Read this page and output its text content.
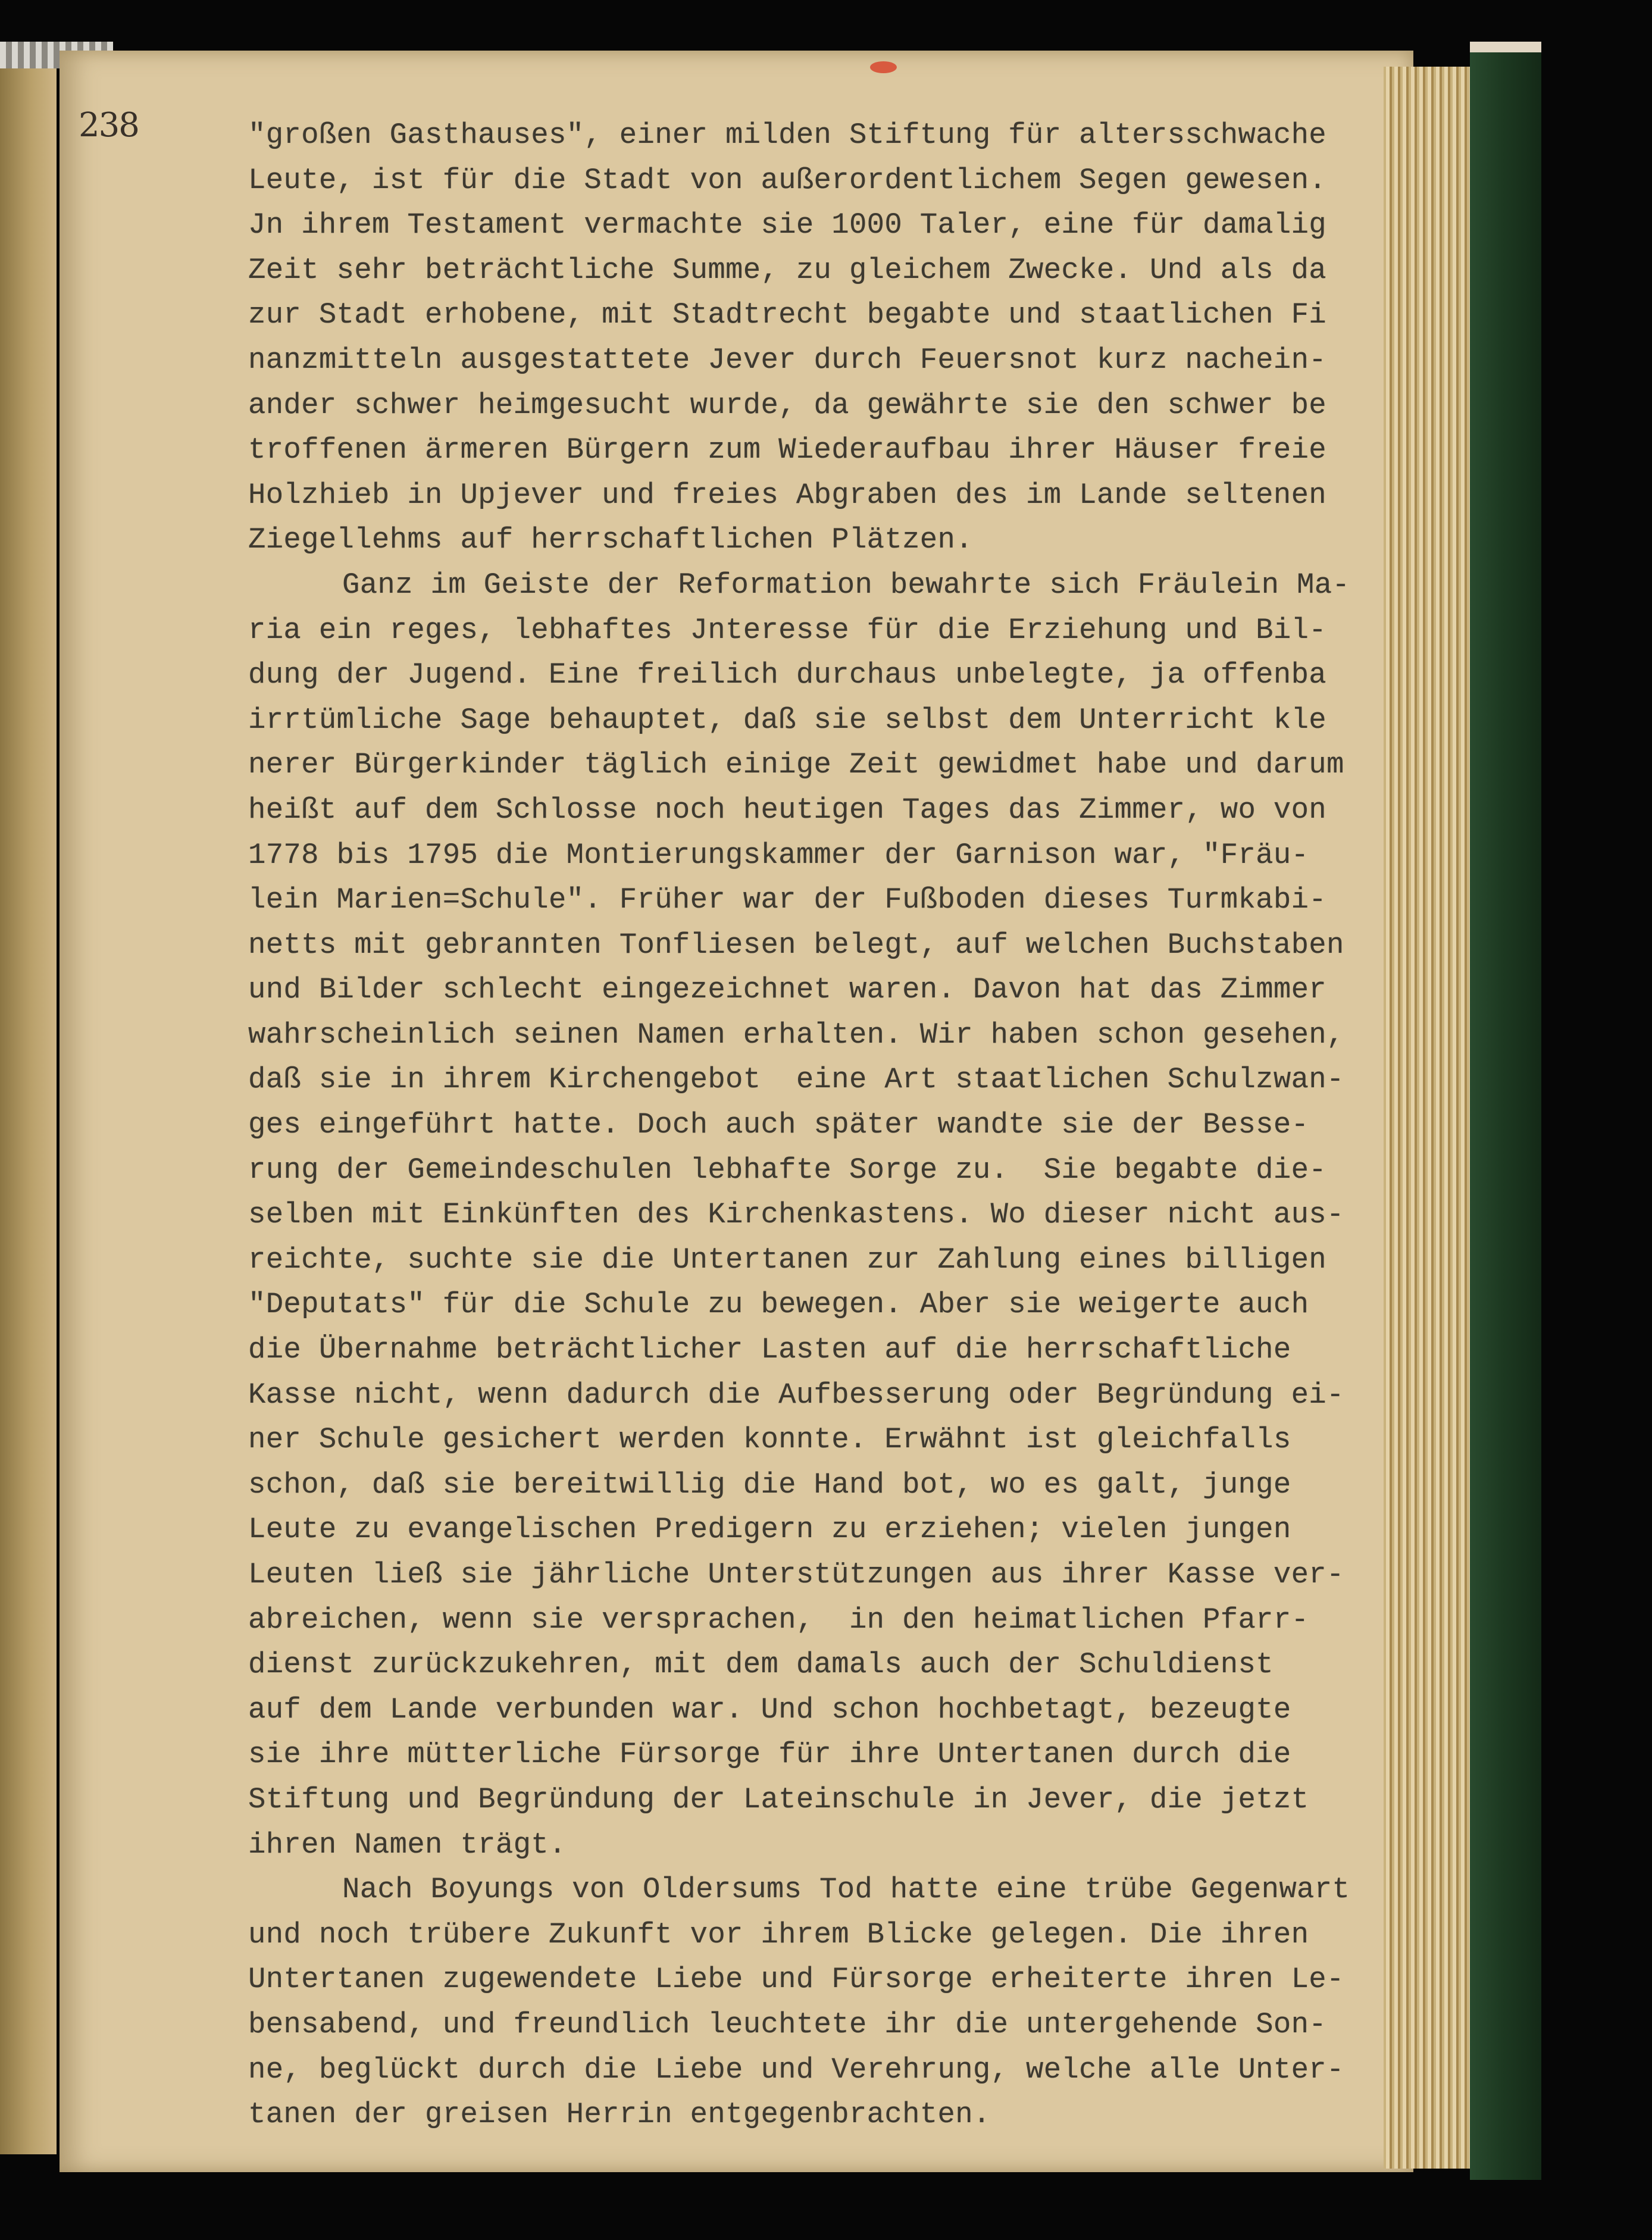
238	"großen Gasthauses", einer milden Stiftung für altersschwache

Leute, ist für die Stadt von außerordentlichem Segen gewesen.

Jn ihrem Testament vermachte sie 1000 Taler, eine für damalig

Zeit sehr beträchtliche Summe, zu gleichem Zwecke. Und als da

zur Stadt erhobene, mit Stadtrecht begabte und staatlichen Fi

nanzmitteln ausgestattete Jever durch Feuersnot kurz nachein-

ander schwer heimgesucht wurde, da gewährte sie den schwer be

troffenen ärmeren Bürgern zum Wiederaufbau ihrer Häuser freie

Holzhieb in Upjever und freies Abgraben des im Lande seltenen

Ziegellehms auf herrschaftlichen Plätzen.

Ganz im Geiste der Reformation bewahrte sich Fräulein Ma-

ria ein reges, lebhaftes Jnteresse für die Erziehung und Bil-

dung der Jugend. Eine freilich durchaus unbelegte, ja offenba

irrtümliche Sage behauptet, daß sie selbst dem Unterricht kle

nerer Bürgerkinder täglich einige Zeit gewidmet habe und darum

heißt auf dem Schlosse noch heutigen Tages das Zimmer, wo von

1778 bis 1795 die Montierungskammer der Garnison war, "Fräu-

lein Marien=Schule". Früher war der Fußboden dieses Turmkabi-

netts mit gebrannten Tonfliesen belegt, auf welchen Buchstaben

und Bilder schlecht eingezeichnet waren. Davon hat das Zimmer

wahrscheinlich seinen Namen erhalten. Wir haben schon gesehen,

daß sie in ihrem Kirchengebot  eine Art staatlichen Schulzwan-

ges eingeführt hatte. Doch auch später wandte sie der Besse-

rung der Gemeindeschulen lebhafte Sorge zu.  Sie begabte die-

selben mit Einkünften des Kirchenkastens. Wo dieser nicht aus-

reichte, suchte sie die Untertanen zur Zahlung eines billigen

"Deputats" für die Schule zu bewegen. Aber sie weigerte auch

die Übernahme beträchtlicher Lasten auf die herrschaftliche

Kasse nicht, wenn dadurch die Aufbesserung oder Begründung ei-

ner Schule gesichert werden konnte. Erwähnt ist gleichfalls

schon, daß sie bereitwillig die Hand bot, wo es galt, junge

Leute zu evangelischen Predigern zu erziehen; vielen jungen

Leuten ließ sie jährliche Unterstützungen aus ihrer Kasse ver-

abreichen, wenn sie versprachen,  in den heimatlichen Pfarr-

dienst zurückzukehren, mit dem damals auch der Schuldienst

auf dem Lande verbunden war. Und schon hochbetagt, bezeugte

sie ihre mütterliche Fürsorge für ihre Untertanen durch die

Stiftung und Begründung der Lateinschule in Jever, die jetzt

ihren Namen trägt.

Nach Boyungs von Oldersums Tod hatte eine trübe Gegenwart

und noch trübere Zukunft vor ihrem Blicke gelegen. Die ihren

Untertanen zugewendete Liebe und Fürsorge erheiterte ihren Le-

bensabend, und freundlich leuchtete ihr die untergehende Son-

ne, beglückt durch die Liebe und Verehrung, welche alle Unter-

tanen der greisen Herrin entgegenbrachten.
